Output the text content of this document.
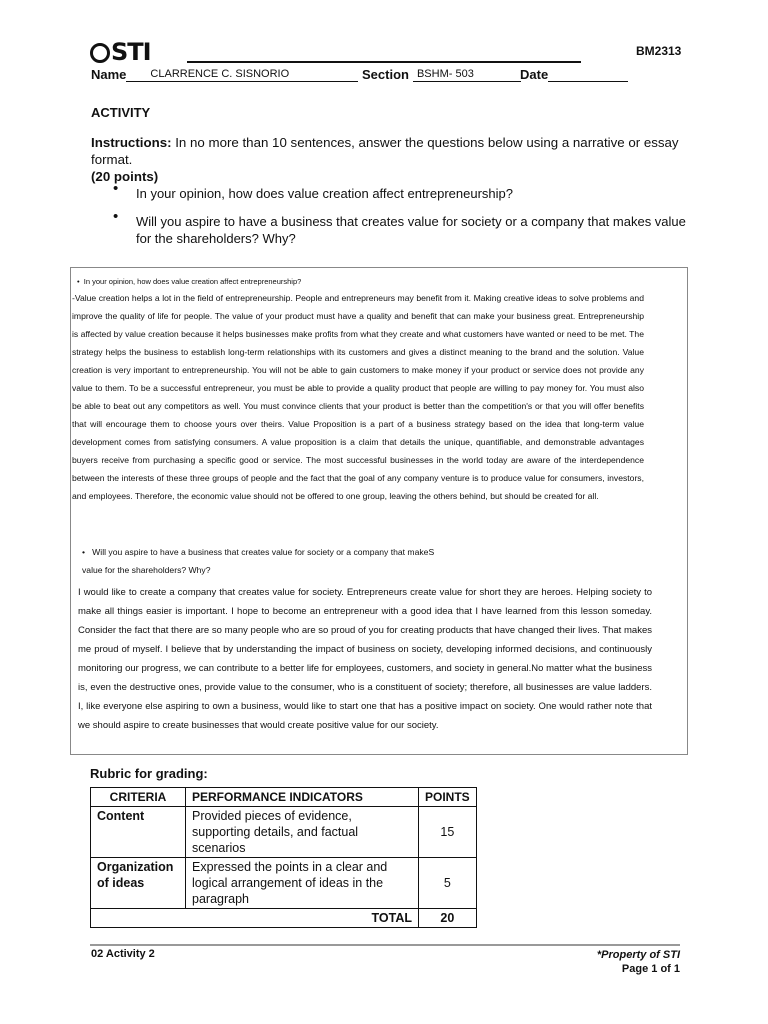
STI	BM2313
Name CLARRENCE C. SISNORIO	Section BSHM- 503	Date
ACTIVITY
Instructions: In no more than 10 sentences, answer the questions below using a narrative or essay format.
(20 points)
• In your opinion, how does value creation affect entrepreneurship?
• Will you aspire to have a business that creates value for society or a company that makes value for the shareholders? Why?
•  In your opinion, how does value creation affect entrepreneurship?
-Value creation helps a lot in the field of entrepreneurship. People and entrepreneurs may benefit from it. Making creative ideas to solve problems and improve the quality of life for people. The value of your product must have a quality and benefit that can make your business great. Entrepreneurship is affected by value creation because it helps businesses make profits from what they create and what customers have wanted or need to be met. The strategy helps the business to establish long-term relationships with its customers and gives a distinct meaning to the brand and the solution. Value creation is very important to entrepreneurship. You will not be able to gain customers to make money if your product or service does not provide any value to them. To be a successful entrepreneur, you must be able to provide a quality product that people are willing to pay money for. You must also be able to beat out any competitors as well. You must convince clients that your product is better than the competition's or that you will offer benefits that will encourage them to choose yours over theirs. Value Proposition is a part of a business strategy based on the idea that long-term value development comes from satisfying consumers. A value proposition is a claim that details the unique, quantifiable, and demonstrable advantages buyers receive from purchasing a specific good or service. The most successful businesses in the world today are aware of the interdependence between the interests of these three groups of people and the fact that the goal of any company venture is to produce value for consumers, investors, and employees. Therefore, the economic value should not be offered to one group, leaving the others behind, but should be created for all.
•   Will you aspire to have a business that creates value for society or a company that makeS
value for the shareholders? Why?
I would like to create a company that creates value for society. Entrepreneurs create value for short they are heroes. Helping society to make all things easier is important. I hope to become an entrepreneur with a good idea that I have learned from this lesson someday. Consider the fact that there are so many people who are so proud of you for creating products that have changed their lives. That makes me proud of myself. I believe that by understanding the impact of business on society, developing informed decisions, and continuously monitoring our progress, we can contribute to a better life for employees, customers, and society in general.No matter what the business is, even the destructive ones, provide value to the consumer, who is a constituent of society; therefore, all businesses are value ladders. I, like everyone else aspiring to own a business, would like to start one that has a positive impact on society. One would rather note that we should aspire to create businesses that would create positive value for our society.
Rubric for grading:
CRITERIA	PERFORMANCE INDICATORS	POINTS
Content	Provided pieces of evidence, supporting details, and factual scenarios	15
Organization of ideas	Expressed the points in a clear and logical arrangement of ideas in the paragraph	5
TOTAL		20
02 Activity 2	*Property of STI
Page 1 of 1
